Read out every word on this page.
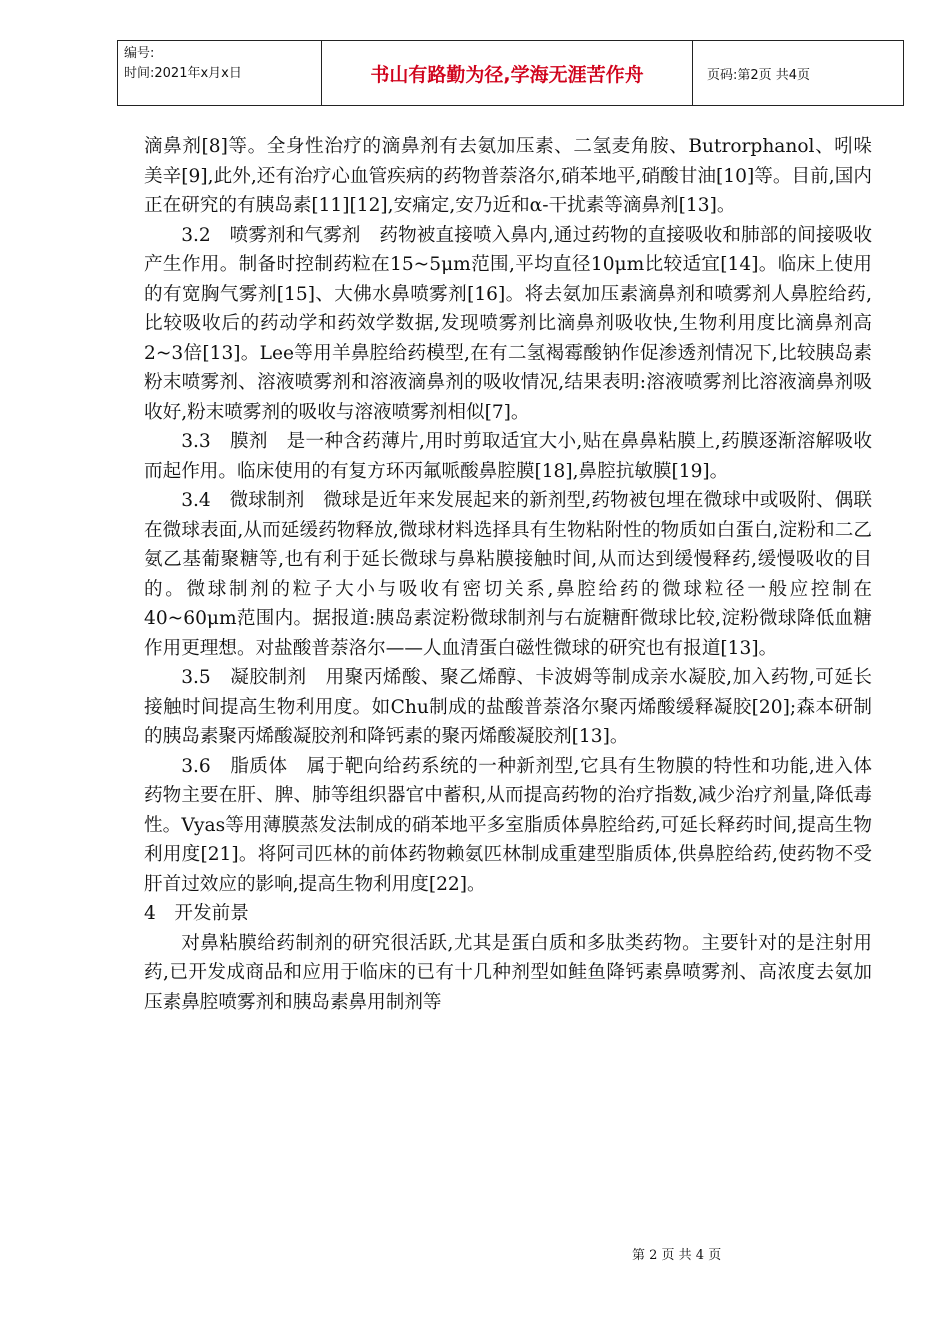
编号:
时间:2021年x月x日	书山有路勤为径,学海无涯苦作舟	页码:第2页 共4页

滴鼻剂[8]等。全身性治疗的滴鼻剂有去氨加压素、二氢麦角胺、Butrorphanol、吲哚美辛[9],此外,还有治疗心血管疾病的药物普萘洛尔,硝苯地平,硝酸甘油[10]等。目前,国内正在研究的有胰岛素[11][12],安痛定,安乃近和α-干扰素等滴鼻剂[13]。

3.2　喷雾剂和气雾剂　药物被直接喷入鼻内,通过药物的直接吸收和肺部的间接吸收产生作用。制备时控制药粒在15~5μm范围,平均直径10μm比较适宜[14]。临床上使用的有宽胸气雾剂[15]、大佛水鼻喷雾剂[16]。将去氨加压素滴鼻剂和喷雾剂人鼻腔给药,比较吸收后的药动学和药效学数据,发现喷雾剂比滴鼻剂吸收快,生物利用度比滴鼻剂高2~3倍[13]。Lee等用羊鼻腔给药模型,在有二氢褐霉酸钠作促渗透剂情况下,比较胰岛素粉末喷雾剂、溶液喷雾剂和溶液滴鼻剂的吸收情况,结果表明:溶液喷雾剂比溶液滴鼻剂吸收好,粉末喷雾剂的吸收与溶液喷雾剂相似[7]。

3.3　膜剂　是一种含药薄片,用时剪取适宜大小,贴在鼻鼻粘膜上,药膜逐渐溶解吸收而起作用。临床使用的有复方环丙氟哌酸鼻腔膜[18],鼻腔抗敏膜[19]。

3.4　微球制剂　微球是近年来发展起来的新剂型,药物被包埋在微球中或吸附、偶联在微球表面,从而延缓药物释放,微球材料选择具有生物粘附性的物质如白蛋白,淀粉和二乙氨乙基葡聚糖等,也有利于延长微球与鼻粘膜接触时间,从而达到缓慢释药,缓慢吸收的目的。微球制剂的粒子大小与吸收有密切关系,鼻腔给药的微球粒径一般应控制在40~60μm范围内。据报道:胰岛素淀粉微球制剂与右旋糖酐微球比较,淀粉微球降低血糖作用更理想。对盐酸普萘洛尔——人血清蛋白磁性微球的研究也有报道[13]。

3.5　凝胶制剂　用聚丙烯酸、聚乙烯醇、卡波姆等制成亲水凝胶,加入药物,可延长接触时间提高生物利用度。如Chu制成的盐酸普萘洛尔聚丙烯酸缓释凝胶[20];森本研制的胰岛素聚丙烯酸凝胶剂和降钙素的聚丙烯酸凝胶剂[13]。

3.6　脂质体　属于靶向给药系统的一种新剂型,它具有生物膜的特性和功能,进入体药物主要在肝、脾、肺等组织器官中蓄积,从而提高药物的治疗指数,减少治疗剂量,降低毒性。Vyas等用薄膜蒸发法制成的硝苯地平多室脂质体鼻腔给药,可延长释药时间,提高生物利用度[21]。将阿司匹林的前体药物赖氨匹林制成重建型脂质体,供鼻腔给药,使药物不受肝首过效应的影响,提高生物利用度[22]。

4　开发前景

对鼻粘膜给药制剂的研究很活跃,尤其是蛋白质和多肽类药物。主要针对的是注射用药,已开发成商品和应用于临床的已有十几种剂型如鲑鱼降钙素鼻喷雾剂、高浓度去氨加压素鼻腔喷雾剂和胰岛素鼻用制剂等

第 2 页 共 4 页
